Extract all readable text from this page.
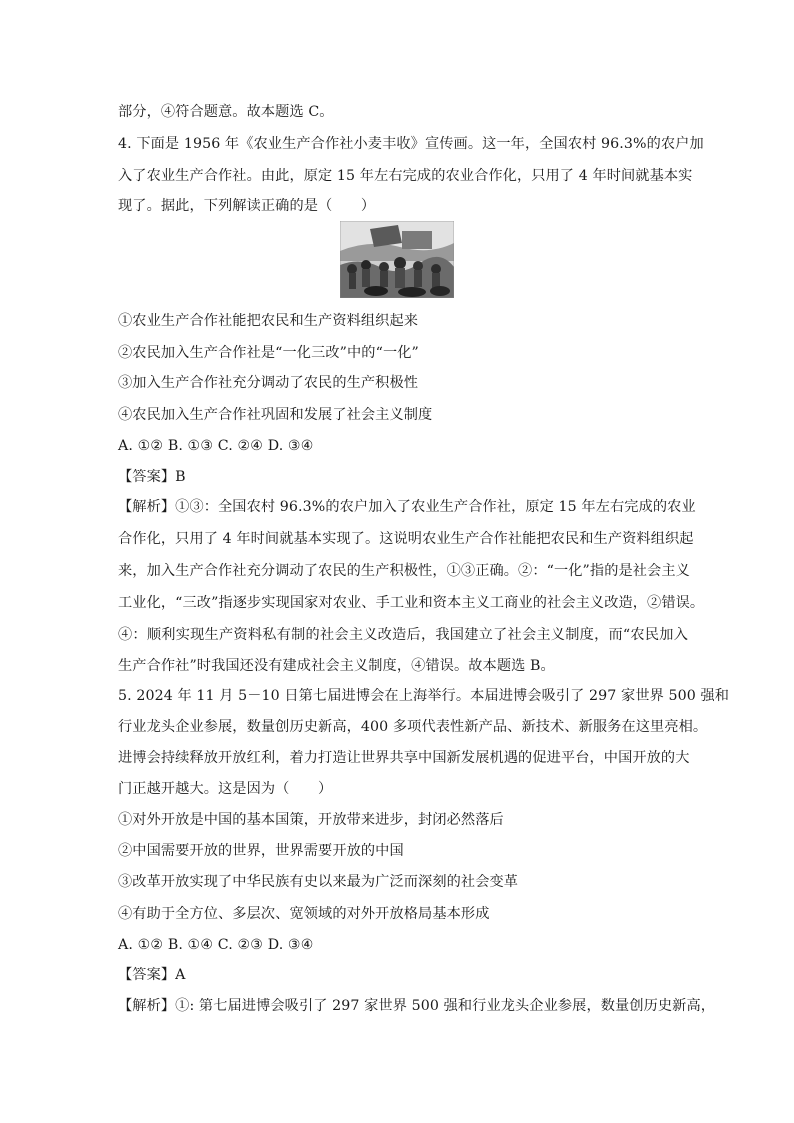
部分，④符合题意。故本题选 C。
4. 下面是 1956 年《农业生产合作社小麦丰收》宣传画。这一年，全国农村 96.3%的农户加
入了农业生产合作社。由此，原定 15 年左右完成的农业合作化，只用了 4 年时间就基本实
现了。据此，下列解读正确的是（　　）
①农业生产合作社能把农民和生产资料组织起来
②农民加入生产合作社是“一化三改”中的“一化”
③加入生产合作社充分调动了农民的生产积极性
④农民加入生产合作社巩固和发展了社会主义制度
A. ①② B. ①③ C. ②④ D. ③④
【答案】B
【解析】①③：全国农村 96.3%的农户加入了农业生产合作社，原定 15 年左右完成的农业
合作化，只用了 4 年时间就基本实现了。这说明农业生产合作社能把农民和生产资料组织起
来，加入生产合作社充分调动了农民的生产积极性，①③正确。②：“一化”指的是社会主义
工业化，“三改”指逐步实现国家对农业、手工业和资本主义工商业的社会主义改造，②错误。
④：顺利实现生产资料私有制的社会主义改造后，我国建立了社会主义制度，而“农民加入
生产合作社”时我国还没有建成社会主义制度，④错误。故本题选 B。
5. 2024 年 11 月 5－10 日第七届进博会在上海举行。本届进博会吸引了 297 家世界 500 强和
行业龙头企业参展，数量创历史新高，400 多项代表性新产品、新技术、新服务在这里亮相。
进博会持续释放开放红利，着力打造让世界共享中国新发展机遇的促进平台，中国开放的大
门正越开越大。这是因为（　　）
①对外开放是中国的基本国策，开放带来进步，封闭必然落后
②中国需要开放的世界，世界需要开放的中国
③改革开放实现了中华民族有史以来最为广泛而深刻的社会变革
④有助于全方位、多层次、宽领域的对外开放格局基本形成
A. ①② B. ①④ C. ②③ D. ③④
【答案】A
【解析】①: 第七届进博会吸引了 297 家世界 500 强和行业龙头企业参展，数量创历史新高，
